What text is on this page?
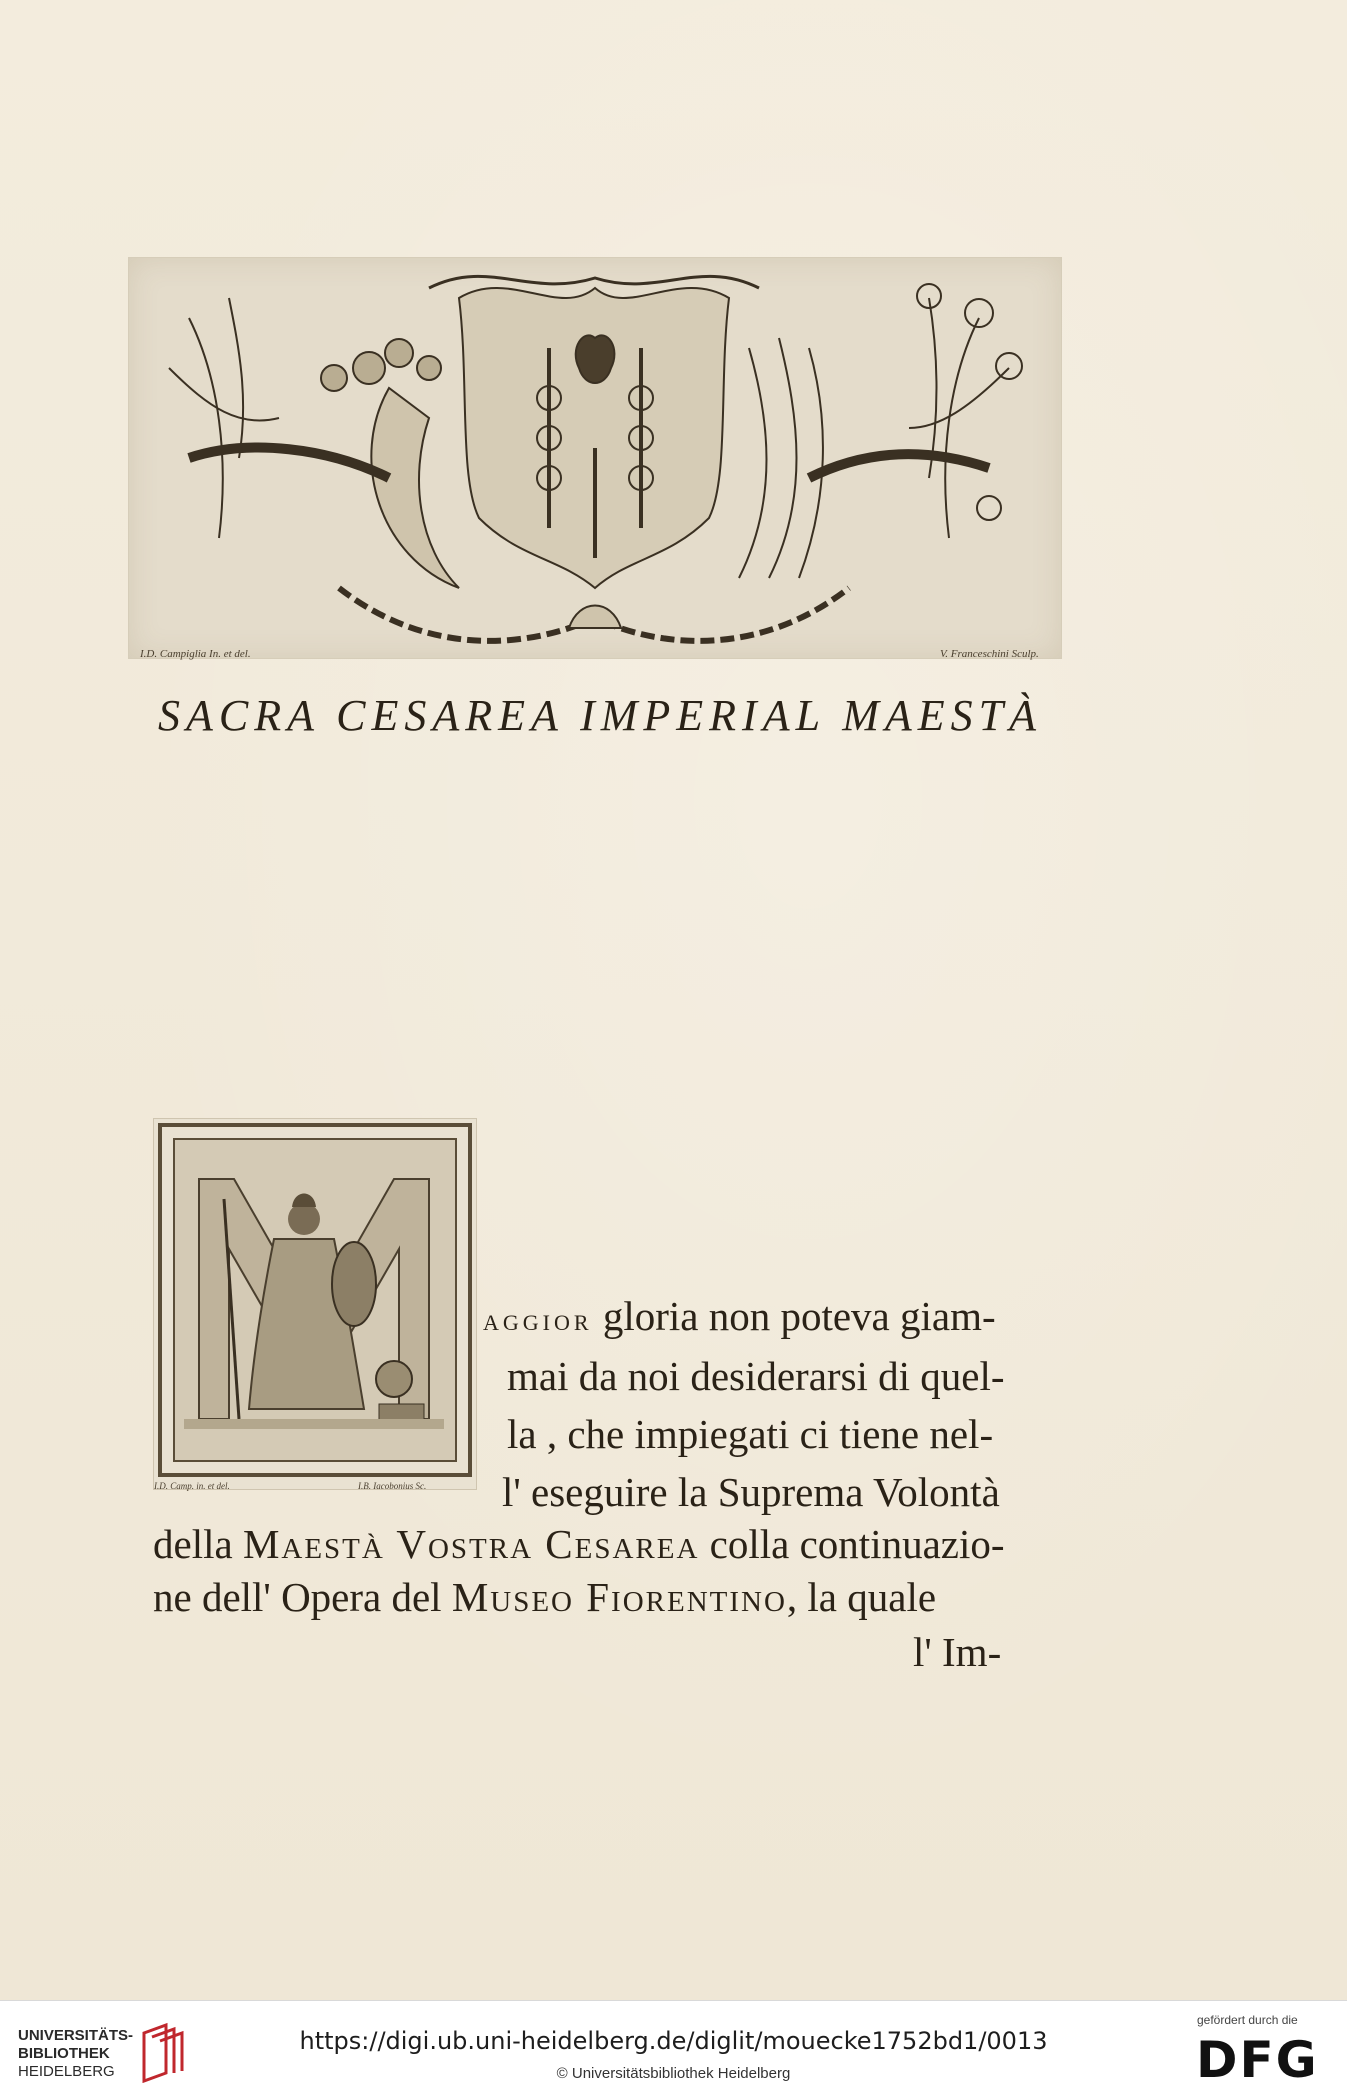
I.D. Campiglia In. et del.	V. Franceschini Sculp.
SACRA CESAREA IMPERIAL MAESTÀ
I.D. Camp. in. et del.	I.B. Iacobonius Sc.
AGGIOR gloria non poteva giam-
mai da noi desiderarsi di quel-
la , che impiegati ci tiene nel-
l' eseguire la Suprema Volontà
della Maestà Vostra Cesarea colla continuazio-
ne dell' Opera del Museo Fiorentino, la quale
l' Im-
UNIVERSITÄTS-
BIBLIOTHEK
HEIDELBERG
https://digi.ub.uni-heidelberg.de/diglit/mouecke1752bd1/0013
© Universitätsbibliothek Heidelberg
gefördert durch die
DFG
